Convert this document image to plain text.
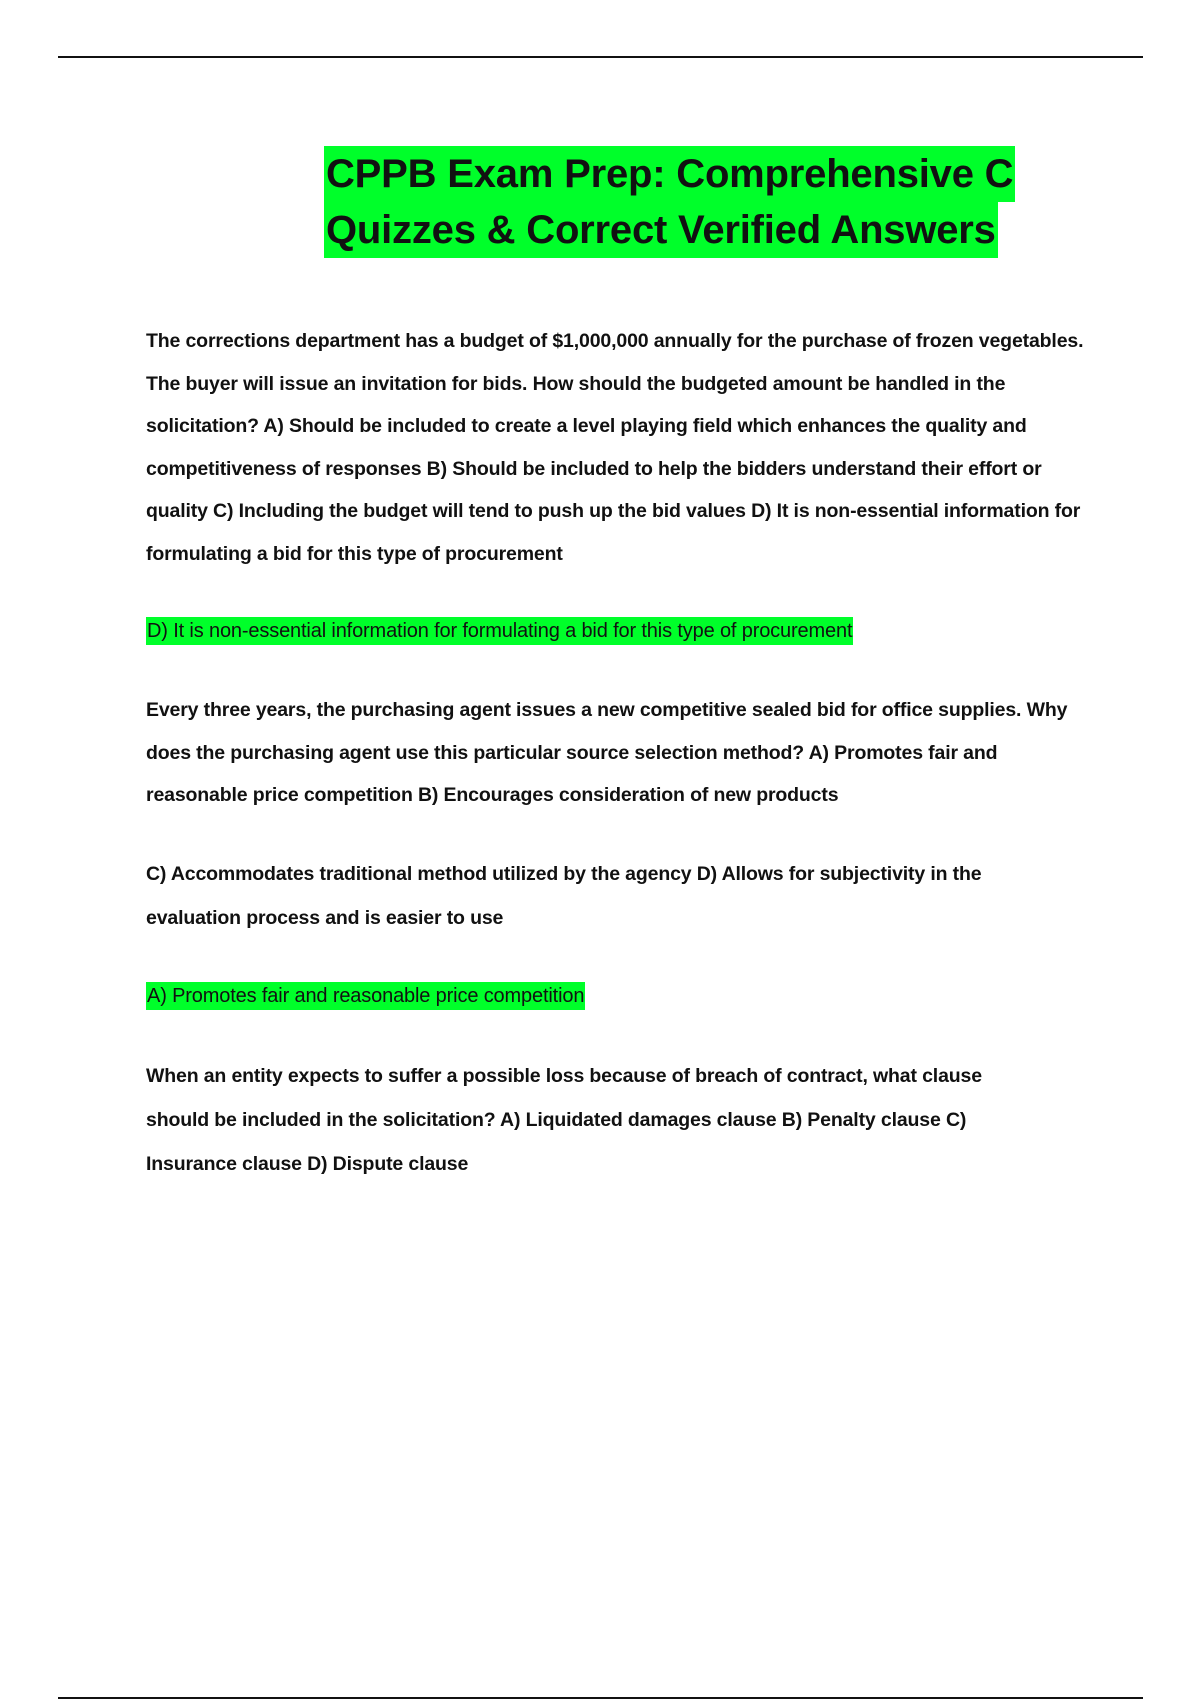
CPPB Exam Prep: Comprehensive C
Quizzes & Correct Verified Answers

The corrections department has a budget of $1,000,000 annually for the purchase of frozen vegetables. The buyer will issue an invitation for bids. How should the budgeted amount be handled in the solicitation? A) Should be included to create a level playing field which enhances the quality and competitiveness of responses B) Should be included to help the bidders understand their effort or quality C) Including the budget will tend to push up the bid values D) It is non-essential information for formulating a bid for this type of procurement

D) It is non-essential information for formulating a bid for this type of procurement

Every three years, the purchasing agent issues a new competitive sealed bid for office supplies. Why does the purchasing agent use this particular source selection method? A) Promotes fair and reasonable price competition B) Encourages consideration of new products

C) Accommodates traditional method utilized by the agency D) Allows for subjectivity in the evaluation process and is easier to use

A) Promotes fair and reasonable price competition

When an entity expects to suffer a possible loss because of breach of contract, what clause should be included in the solicitation? A) Liquidated damages clause B) Penalty clause C) Insurance clause D) Dispute clause
